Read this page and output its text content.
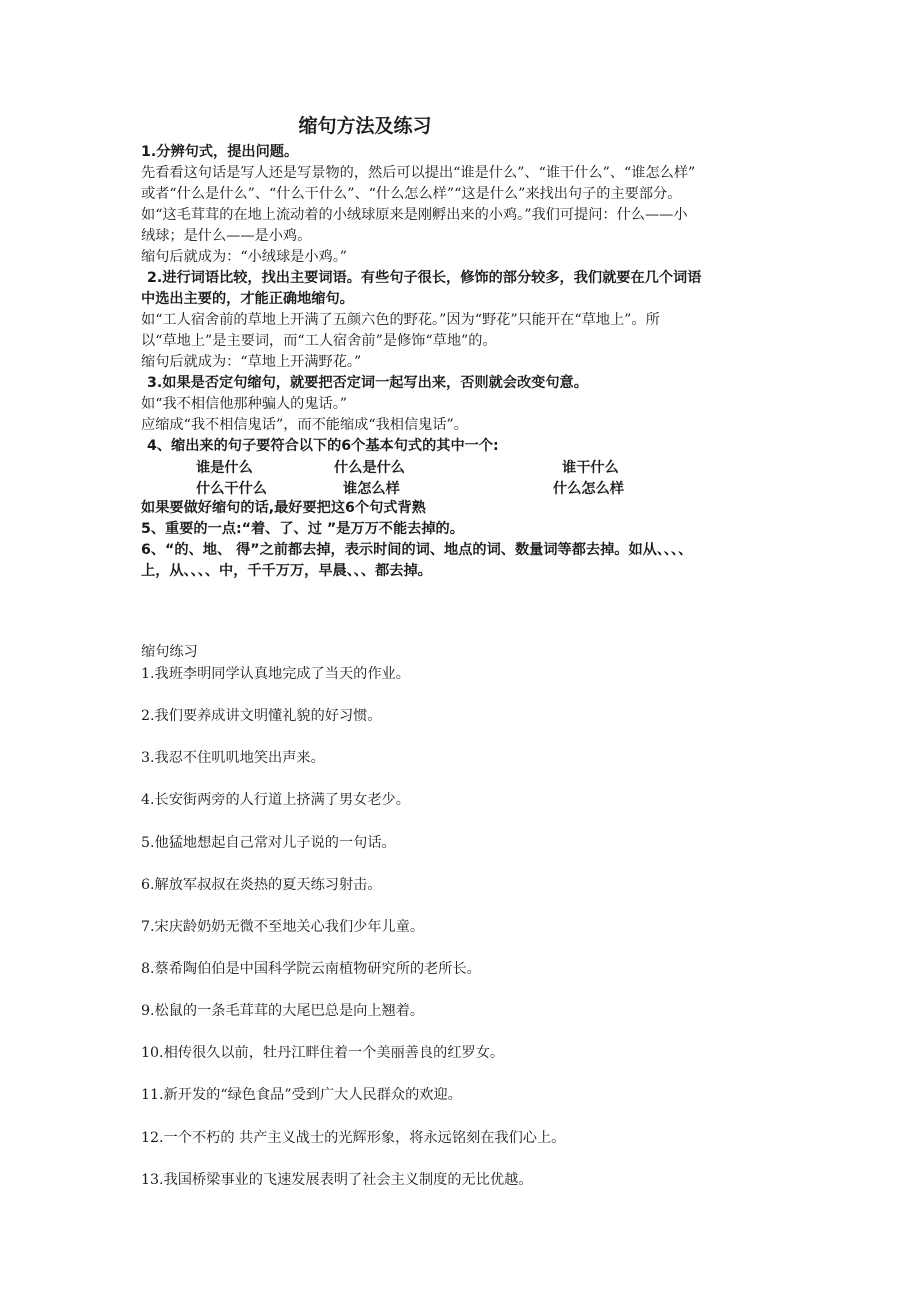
缩句方法及练习

1.分辨句式，提出问题。

先看看这句话是写人还是写景物的，然后可以提出“谁是什么”、“谁干什么”、“谁怎么样”

或者“什么是什么”、“什么干什么”、“什么怎么样”“这是什么”来找出句子的主要部分。

如“这毛茸茸的在地上流动着的小绒球原来是刚孵出来的小鸡。”我们可提问：什么——小

绒球；是什么——是小鸡。

缩句后就成为：“小绒球是小鸡。”

2.进行词语比较，找出主要词语。有些句子很长，修饰的部分较多，我们就要在几个词语

中选出主要的，才能正确地缩句。

如“工人宿舍前的草地上开满了五颜六色的野花。”因为“野花”只能开在“草地上”。所

以“草地上”是主要词，而“工人宿舍前”是修饰“草地”的。

缩句后就成为：“草地上开满野花。”

3.如果是否定句缩句，就要把否定词一起写出来，否则就会改变句意。

如“我不相信他那种骗人的鬼话。”

应缩成“我不相信鬼话”，而不能缩成“我相信鬼话”。

4、缩出来的句子要符合以下的6个基本句式的其中一个:

谁是什么	什么是什么	谁干什么
什么干什么	谁怎么样	什么怎么样

如果要做好缩句的话,最好要把这6个句式背熟

5、重要的一点:“着、了、过 ”是万万不能去掉的。

6、“的、地、 得”之前都去掉，表示时间的词、地点的词、数量词等都去掉。如从、、、、

上，从、、、、中，千千万万，早晨、、、都去掉。

缩句练习
1.我班李明同学认真地完成了当天的作业。
2.我们要养成讲文明懂礼貌的好习惯。
3.我忍不住叽叽地笑出声来。
4.长安街两旁的人行道上挤满了男女老少。
5.他猛地想起自己常对儿子说的一句话。
6.解放军叔叔在炎热的夏天练习射击。
7.宋庆龄奶奶无微不至地关心我们少年儿童。
8.蔡希陶伯伯是中国科学院云南植物研究所的老所长。
9.松鼠的一条毛茸茸的大尾巴总是向上翘着。
10.相传很久以前，牡丹江畔住着一个美丽善良的红罗女。
11.新开发的“绿色食品”受到广大人民群众的欢迎。
12.一个不朽的 共产主义战士的光辉形象，将永远铭刻在我们心上。
13.我国桥梁事业的飞速发展表明了社会主义制度的无比优越。
